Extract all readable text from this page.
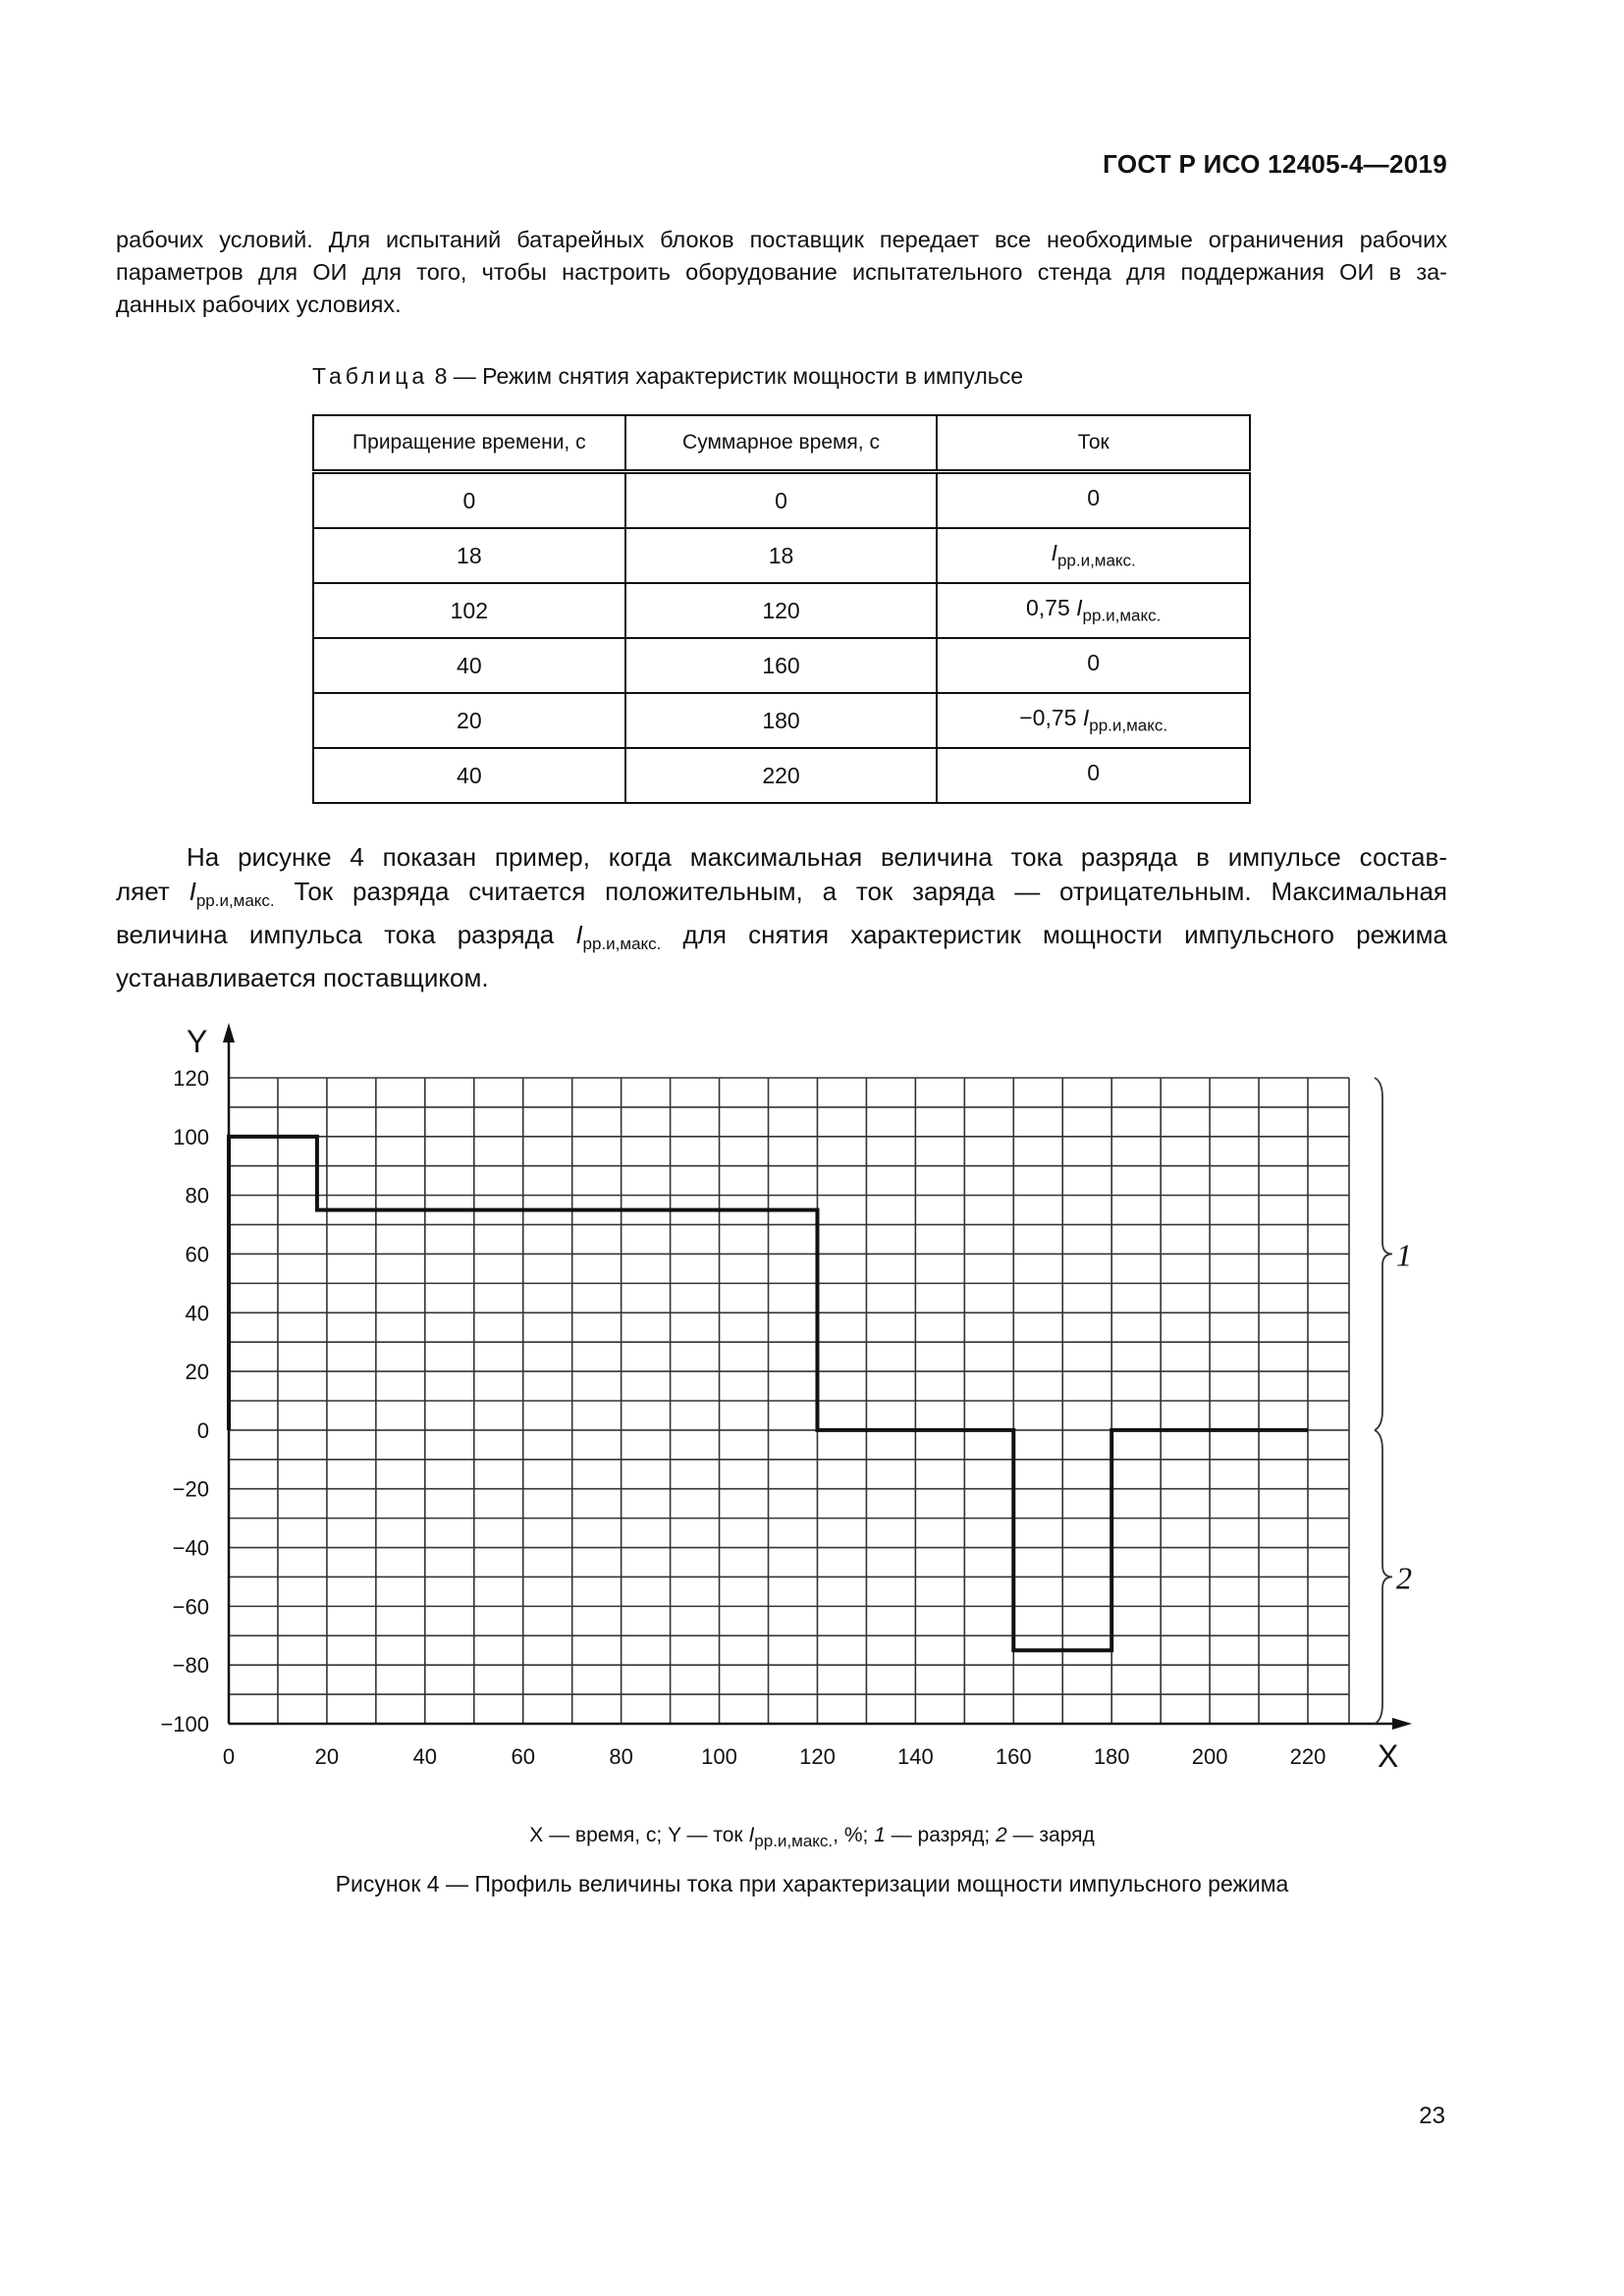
ГОСТ Р ИСО 12405-4—2019
рабочих условий. Для испытаний батарейных блоков поставщик передает все необходимые ограничения рабочих
параметров для ОИ для того, чтобы настроить оборудование испытательного стенда для поддержания ОИ в за-
данных рабочих условиях.
Таблица 8 — Режим снятия характеристик мощности в импульсе
Приращение времени, с	Суммарное время, с	Ток
0	0	0
18	18	$I_{рр.и,макс.}$
102	120	0,75 $I_{рр.и,макс.}$
40	160	0
20	180	−0,75 $I_{рр.и,макс.}$
40	220	0
На рисунке 4 показан пример, когда максимальная величина тока разряда в импульсе состав-
ляет $I_{рр.и,макс.}$ Ток разряда считается положительным, а ток заряда — отрицательным. Максимальная
величина импульса тока разряда $I_{рр.и,макс.}$ для снятия характеристик мощности импульсного режима
устанавливается поставщиком.
Y
X
120
100
80
60
40
20
0
−20
−40
−60
−80
−100
0	20	40	60	80	100	120	140	160	180	200	220
1
2
X — время, с; Y — ток $I_{рр.и,макс.}$, %; 1 — разряд; 2 — заряд
Рисунок 4 — Профиль величины тока при характеризации мощности импульсного режима
23
